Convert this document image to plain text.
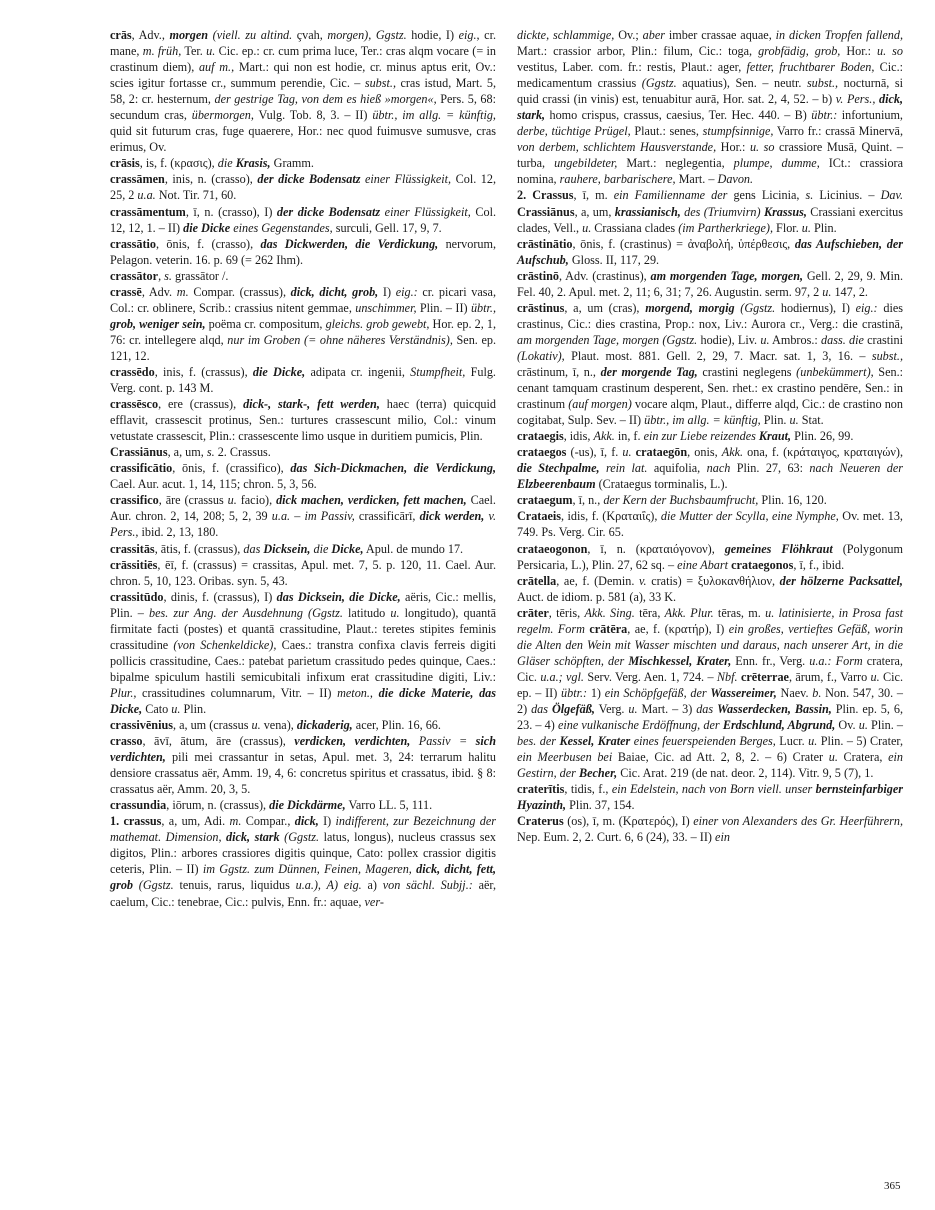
crās, Adv., morgen (viell. zu altind. çvah, morgen), Ggstz. hodie, I) eig., cr. mane, m. früh, Ter. u. Cic. ep.: cr. cum prima luce, Ter.: cras alqm vocare (= in crastinum diem), auf m., Mart.: qui non est hodie, cr. minus aptus erit, Ov.: scies igitur fortasse cr., summum perendie, Cic. – subst., cras istud, Mart. 5, 58, 2: cr. hesternum, der gestrige Tag, von dem es hieß »morgen«, Pers. 5, 68: secundum cras, übermorgen, Vulg. Tob. 8, 3. – II) übtr., im allg. = künftig, quid sit futurum cras, fuge quaerere, Hor.: nec quod fuimusve sumusve, cras erimus, Ov.

crāsis, is, f. (κρασις), die Krasis, Gramm.

crassāmen, inis, n. (crasso), der dicke Bodensatz einer Flüssigkeit, Col. 12, 25, 2 u.a. Not. Tir. 71, 60.

crassāmentum, ī, n. (crasso), I) der dicke Bodensatz einer Flüssigkeit, Col. 12, 12, 1. – II) die Dicke eines Gegenstandes, surculi, Gell. 17, 9, 7.

crassātio, ōnis, f. (crasso), das Dickwerden, die Verdickung, nervorum, Pelagon. veterin. 16. p. 69 (= 262 Ihm).

crassātor, s. grassātor /.

crassē, Adv. m. Compar. (crassus), dick, dicht, grob, I) eig.: cr. picari vasa, Col.: cr. oblinere, Scrib.: crassius nitent gemmae, unschimmer, Plin. – II) übtr., grob, weniger sein, poëma cr. compositum, gleichs. grob gewebt, Hor. ep. 2, 1, 76: cr. intellegere alqd, nur im Groben (= ohne näheres Verständnis), Sen. ep. 121, 12.

crassēdo, inis, f. (crassus), die Dicke, adipata cr. ingenii, Stumpfheit, Fulg. Verg. cont. p. 143 M.

crassēsco, ere (crassus), dick-, stark-, fett werden, haec (terra) quicquid efflavit, crassescit protinus, Sen.: turtures crassescunt milio, Col.: vinum vetustate crassescit, Plin.: crassescente limo usque in duritiem pumicis, Plin.

Crassiānus, a, um, s. 2. Crassus.

crassificātio, ōnis, f. (crassifico), das Sich-Dickmachen, die Verdickung, Cael. Aur. acut. 1, 14, 115; chron. 5, 3, 56.

crassifico, āre (crassus u. facio), dick machen, verdicken, fett machen, Cael. Aur. chron. 2, 14, 208; 5, 2, 39 u.a. – im Passiv, crassificārī, dick werden, v. Pers., ibid. 2, 13, 180.

crassitās, ātis, f. (crassus), das Dicksein, die Dicke, Apul. de mundo 17.

crāssitiēs, ēī, f. (crassus) = crassitas, Apul. met. 7, 5. p. 120, 11. Cael. Aur. chron. 5, 10, 123. Oribas. syn. 5, 43.

crassitūdo, dinis, f. (crassus), I) das Dicksein, die Dicke, aëris, Cic.: mellis, Plin. – bes. zur Ang. der Ausdehnung (Ggstz. latitudo u. longitudo), quantā firmitate facti (postes) et quantā crassitudine, Plaut.: teretes stipites feminis crassitudine (von Schenkeldicke), Caes.: transtra confixa clavis ferreis digiti pollicis crassitudine, Caes.: patebat parietum crassitudo pedes quinque, Caes.: bipalme spiculum hastili semicubitali infixum erat crassitudine digiti, Liv.: Plur., crassitudines columnarum, Vitr. – II) meton., die dicke Materie, das Dicke, Cato u. Plin.

crassivēnius, a, um (crassus u. vena), dickaderig, acer, Plin. 16, 66.

crasso, āvī, ātum, āre (crassus), verdicken, verdichten, Passiv = sich verdichten, pili mei crassantur in setas, Apul. met. 3, 24: terrarum halitu densiore crassatus aër, Amm. 19, 4, 6: concretus spiritus et crassatus, ibid. § 8: crassatus aër, Amm. 20, 3, 5.

crassundia, iōrum, n. (crassus), die Dickdärme, Varro LL. 5, 111.

1. crassus, a, um, Adi. m. Compar., dick, I) indifferent, zur Bezeichnung der mathemat. Dimension, dick, stark (Ggstz. latus, longus), nucleus crassus sex digitos, Plin.: arbores crassiores digitis quinque, Cato: pollex crassior digitis ceteris, Plin. – II) im Ggstz. zum Dünnen, Feinen, Mageren, dick, dicht, fett, grob (Ggstz. tenuis, rarus, liquidus u.a.), A) eig. a) von sächl. Subjj.: aër, caelum, Cic.: tenebrae, Cic.: pulvis, Enn. fr.: aquae, ver-

dickte, schlammige, Ov.; aber imber crassae aquae, in dicken Tropfen fallend, Mart.: crassior arbor, Plin.: filum, Cic.: toga, grobfädig, grob, Hor.: u. so vestitus, Laber. com. fr.: restis, Plaut.: ager, fetter, fruchtbarer Boden, Cic.: medicamentum crassius (Ggstz. aquatius), Sen. – neutr. subst., nocturnā, si quid crassi (in vinis) est, tenuabitur aurā, Hor. sat. 2, 4, 52. – b) v. Pers., dick, stark, homo crispus, crassus, caesius, Ter. Hec. 440. – B) übtr.: infortunium, derbe, tüchtige Prügel, Plaut.: senes, stumpfsinnige, Varro fr.: crassā Minervā, von derbem, schlichtem Hausverstande, Hor.: u. so crassiore Musā, Quint. – turba, ungebildeter, Mart.: neglegentia, plumpe, dumme, ICt.: crassiora nomina, rauhere, barbarischere, Mart. – Davon.

2. Crassus, ī, m. ein Familienname der gens Licinia, s. Licinius. – Dav. Crassiānus, a, um, krassianisch, des (Triumvirn) Krassus, Crassiani exercitus clades, Vell., u. Crassiana clades (im Partherkriege), Flor. u. Plin.

crāstinātio, ōnis, f. (crastinus) = ἀναβολή, ὑπέρθεσις, das Aufschieben, der Aufschub, Gloss. II, 117, 29.

crāstinō, Adv. (crastinus), am morgenden Tage, morgen, Gell. 2, 29, 9. Min. Fel. 40, 2. Apul. met. 2, 11; 6, 31; 7, 26. Augustin. serm. 97, 2 u. 147, 2.

crāstinus, a, um (cras), morgend, morgig (Ggstz. hodiernus), I) eig.: dies crastinus, Cic.: dies crastina, Prop.: nox, Liv.: Aurora cr., Verg.: die crastinā, am morgenden Tage, morgen (Ggstz. hodie), Liv. u. Ambros.: dass. die crastini (Lokativ), Plaut. most. 881. Gell. 2, 29, 7. Macr. sat. 1, 3, 16. – subst., crāstinum, ī, n., der morgende Tag, crastini neglegens (unbekümmert), Sen.: cenant tamquam crastinum desperent, Sen. rhet.: ex crastino pendēre, Sen.: in crastinum (auf morgen) vocare alqm, Plaut., differre alqd, Cic.: de crastino non cogitabat, Sulp. Sev. – II) übtr., im allg. = künftig, Plin. u. Stat.

crataegis, idis, Akk. in, f. ein zur Liebe reizendes Kraut, Plin. 26, 99.

crataegos (-us), ī, f. u. crataegōn, onis, Akk. ona, f. (κράταιγος, κραταιγών), die Stechpalme, rein lat. aquifolia, nach Plin. 27, 63: nach Neueren der Elzbeerenbaum (Crataegus torminalis, L.).

crataegum, ī, n., der Kern der Buchsbaumfrucht, Plin. 16, 120.

Crataeis, idis, f. (Κραταιΐς), die Mutter der Scylla, eine Nymphe, Ov. met. 13, 749. Ps. Verg. Cir. 65.

crataeogonon, ī, n. (κραταιόγονον), gemeines Flöhkraut (Polygonum Persicaria, L.), Plin. 27, 62 sq. – eine Abart crataegonos, ī, f., ibid.

crātella, ae, f. (Demin. v. cratis) = ξυλοκανθήλιον, der hölzerne Packsattel, Auct. de idiom. p. 581 (a), 33 K.

crāter, tēris, Akk. Sing. tēra, Akk. Plur. tēras, m. u. latinisierte, in Prosa fast regelm. Form crātēra, ae, f. (κρατήρ), I) ein großes, vertieftes Gefäß, worin die Alten den Wein mit Wasser mischten und daraus, nach unserer Art, in die Gläser schöpften, der Mischkessel, Krater, Enn. fr., Verg. u.a.: Form cratera, Cic. u.a.; vgl. Serv. Verg. Aen. 1, 724. – Nbf. crēterrae, ārum, f., Varro u. Cic. ep. – II) übtr.: 1) ein Schöpfgefäß, der Wassereimer, Naev. b. Non. 547, 30. – 2) das Ölgefäß, Verg. u. Mart. – 3) das Wasserdecken, Bassin, Plin. ep. 5, 6, 23. – 4) eine vulkanische Erdöffnung, der Erdschlund, Abgrund, Ov. u. Plin. – bes. der Kessel, Krater eines feuerspeienden Berges, Lucr. u. Plin. – 5) Crater, ein Meerbusen bei Baiae, Cic. ad Att. 2, 8, 2. – 6) Crater u. Cratera, ein Gestirn, der Becher, Cic. Arat. 219 (de nat. deor. 2, 114). Vitr. 9, 5 (7), 1.

craterītis, tidis, f., ein Edelstein, nach von Born viell. unser bernsteinfarbiger Hyazinth, Plin. 37, 154.

Craterus (os), ī, m. (Κρατερός), I) einer von Alexanders des Gr. Heerführern, Nep. Eum. 2, 2. Curt. 6, 6 (24), 33. – II) ein

365
